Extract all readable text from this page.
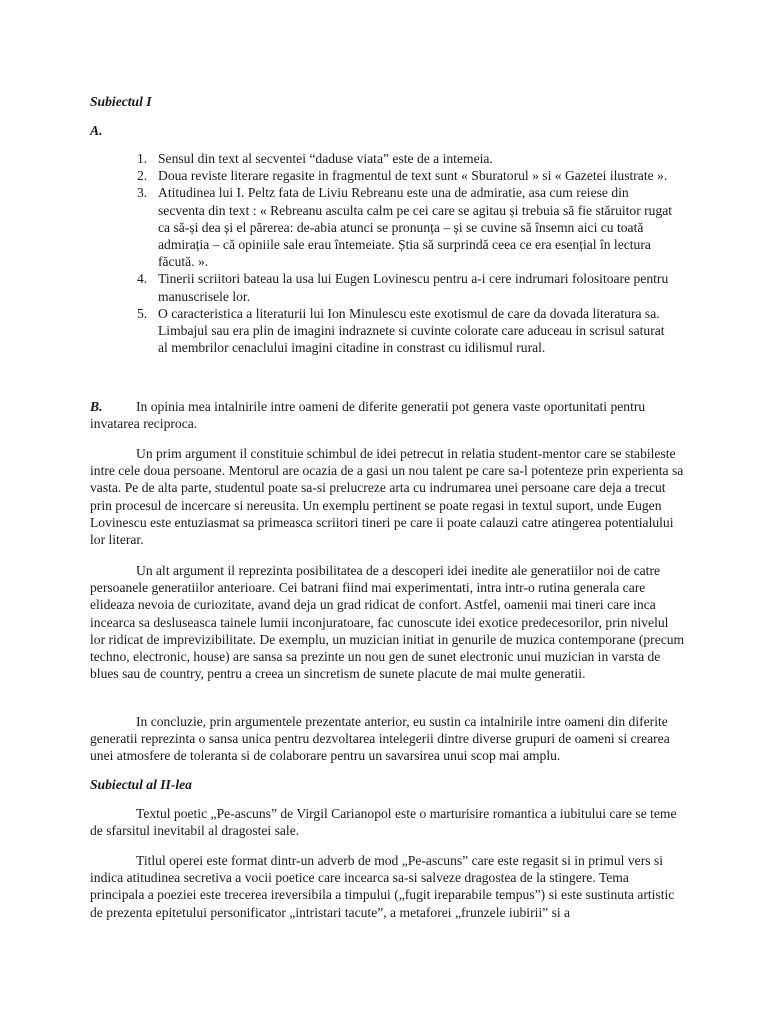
Subiectul I
A.
1. Sensul din text al secventei “daduse viata” este de a intemeia.
2. Doua reviste literare regasite in fragmentul de text sunt « Sburatorul » si « Gazetei ilustrate ».
3. Atitudinea lui I. Peltz fata de Liviu Rebreanu este una de admiratie, asa cum reiese din secventa din text : « Rebreanu asculta calm pe cei care se agitau și trebuia să fie stăruitor rugat ca să-și dea și el părerea: de-abia atunci se pronunța – și se cuvine să însemn aici cu toată admirația – că opiniile sale erau întemeiate. Știa să surprindă ceea ce era esențial în lectura făcută. ».
4. Tinerii scriitori bateau la usa lui Eugen Lovinescu pentru a-i cere indrumari folositoare pentru manuscrisele lor.
5. O caracteristica a literaturii lui Ion Minulescu este exotismul de care da dovada literatura sa. Limbajul sau era plin de imagini indraznete si cuvinte colorate care aduceau in scrisul saturat al membrilor cenaclului imagini citadine in constrast cu idilismul rural.

B. In opinia mea intalnirile intre oameni de diferite generatii pot genera vaste oportunitati pentru invatarea reciproca.

Un prim argument il constituie schimbul de idei petrecut in relatia student-mentor care se stabileste intre cele doua persoane. Mentorul are ocazia de a gasi un nou talent pe care sa-l potenteze prin experienta sa vasta. Pe de alta parte, studentul poate sa-si prelucreze arta cu indrumarea unei persoane care deja a trecut prin procesul de incercare si nereusita. Un exemplu pertinent se poate regasi in textul suport, unde Eugen Lovinescu este entuziasmat sa primeasca scriitori tineri pe care ii poate calauzi catre atingerea potentialului lor literar.

Un alt argument il reprezinta posibilitatea de a descoperi idei inedite ale generatiilor noi de catre persoanele generatiilor anterioare. Cei batrani fiind mai experimentati, intra intr-o rutina generala care elideaza nevoia de curiozitate, avand deja un grad ridicat de confort. Astfel, oamenii mai tineri care inca incearca sa desluseasca tainele lumii inconjuratoare, fac cunoscute idei exotice predecesorilor, prin nivelul lor ridicat de imprevizibilitate. De exemplu, un muzician initiat in genurile de muzica contemporane (precum techno, electronic, house) are sansa sa prezinte un nou gen de sunet electronic unui muzician in varsta de blues sau de country, pentru a creea un sincretism de sunete placute de mai multe generatii.

In concluzie, prin argumentele prezentate anterior, eu sustin ca intalnirile intre oameni din diferite generatii reprezinta o sansa unica pentru dezvoltarea intelegerii dintre diverse grupuri de oameni si crearea unei atmosfere de toleranta si de colaborare pentru un savarsirea unui scop mai amplu.

Subiectul al II-lea

Textul poetic „Pe-ascuns” de Virgil Carianopol este o marturisire romantica a iubitului care se teme de sfarsitul inevitabil al dragostei sale.

Titlul operei este format dintr-un adverb de mod „Pe-ascuns” care este regasit si in primul vers si indica atitudinea secretiva a vocii poetice care incearca sa-si salveze dragostea de la stingere. Tema principala a poeziei este trecerea ireversibila a timpului („fugit ireparabile tempus”) si este sustinuta artistic de prezenta epitetului personificator „intristari tacute”, a metaforei „frunzele iubirii” si a
